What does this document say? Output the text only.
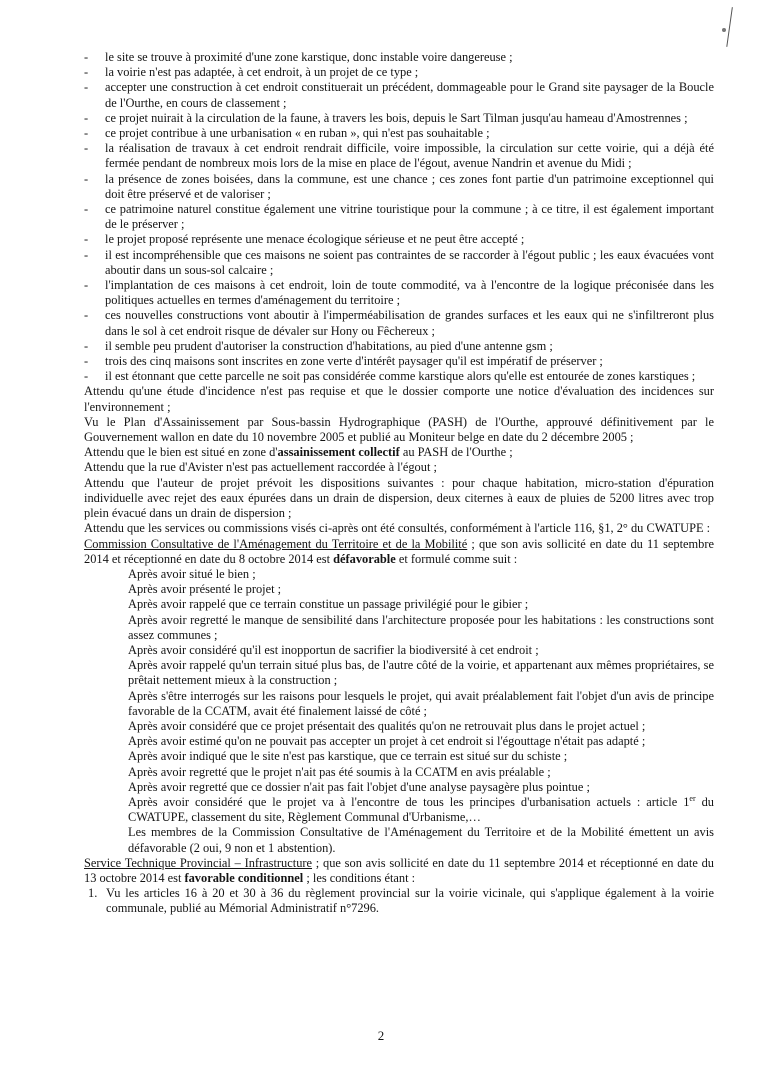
- le site se trouve à proximité d'une zone karstique, donc instable voire dangereuse ;
- la voirie n'est pas adaptée, à cet endroit, à un projet de ce type ;
- accepter une construction à cet endroit constituerait un précédent, dommageable pour le Grand site paysager de la Boucle de l'Ourthe, en cours de classement ;
- ce projet nuirait à la circulation de la faune, à travers les bois, depuis le Sart Tilman jusqu'au hameau d'Amostrennes ;
- ce projet contribue à une urbanisation « en ruban », qui n'est pas souhaitable ;
- la réalisation de travaux à cet endroit rendrait difficile, voire impossible, la circulation sur cette voirie, qui a déjà été fermée pendant de nombreux mois lors de la mise en place de l'égout, avenue Nandrin et avenue du Midi ;
- la présence de zones boisées, dans la commune, est une chance ; ces zones font partie d'un patrimoine exceptionnel qui doit être préservé et de valoriser ;
- ce patrimoine naturel constitue également une vitrine touristique pour la commune ; à ce titre, il est également important de le préserver ;
- le projet proposé représente une menace écologique sérieuse et ne peut être accepté ;
- il est incompréhensible que ces maisons ne soient pas contraintes de se raccorder à l'égout public ; les eaux évacuées vont aboutir dans un sous-sol calcaire ;
- l'implantation de ces maisons à cet endroit, loin de toute commodité, va à l'encontre de la logique préconisée dans les politiques actuelles en termes d'aménagement du territoire ;
- ces nouvelles constructions vont aboutir à l'imperméabilisation de grandes surfaces et les eaux qui ne s'infiltreront plus dans le sol à cet endroit risque de dévaler sur Hony ou Fêchereux ;
- il semble peu prudent d'autoriser la construction d'habitations, au pied d'une antenne gsm ;
- trois des cinq maisons sont inscrites en zone verte d'intérêt paysager qu'il est impératif de préserver ;
- il est étonnant que cette parcelle ne soit pas considérée comme karstique alors qu'elle est entourée de zones karstiques ;

Attendu qu'une étude d'incidence n'est pas requise et que le dossier comporte une notice d'évaluation des incidences sur l'environnement ;

Vu le Plan d'Assainissement par Sous-bassin Hydrographique (PASH) de l'Ourthe, approuvé définitivement par le Gouvernement wallon en date du 10 novembre 2005 et publié au Moniteur belge en date du 2 décembre 2005 ;

Attendu que le bien est situé en zone d'assainissement collectif au PASH de l'Ourthe ;

Attendu que la rue d'Avister n'est pas actuellement raccordée à l'égout ;

Attendu que l'auteur de projet prévoit les dispositions suivantes : pour chaque habitation, micro-station d'épuration individuelle avec rejet des eaux épurées dans un drain de dispersion, deux citernes à eaux de pluies de 5200 litres avec trop plein évacué dans un drain de dispersion ;

Attendu que les services ou commissions visés ci-après ont été consultés, conformément à l'article 116, §1, 2° du CWATUPE :

Commission Consultative de l'Aménagement du Territoire et de la Mobilité ; que son avis sollicité en date du 11 septembre 2014 et réceptionné en date du 8 octobre 2014 est défavorable et formulé comme suit :

Après avoir situé le bien ;

Après avoir présenté le projet ;

Après avoir rappelé que ce terrain constitue un passage privilégié pour le gibier ;

Après avoir regretté le manque de sensibilité dans l'architecture proposée pour les habitations : les constructions sont assez communes ;

Après avoir considéré qu'il est inopportun de sacrifier la biodiversité à cet endroit ;

Après avoir rappelé qu'un terrain situé plus bas, de l'autre côté de la voirie, et appartenant aux mêmes propriétaires, se prêtait nettement mieux à la construction ;

Après s'être interrogés sur les raisons pour lesquels le projet, qui avait préalablement fait l'objet d'un avis de principe favorable de la CCATM, avait été finalement laissé de côté ;

Après avoir considéré que ce projet présentait des qualités qu'on ne retrouvait plus dans le projet actuel ;

Après avoir estimé qu'on ne pouvait pas accepter un projet à cet endroit si l'égouttage n'était pas adapté ;

Après avoir indiqué que le site n'est pas karstique, que ce terrain est situé sur du schiste ;

Après avoir regretté que le projet n'ait pas été soumis à la CCATM en avis préalable ;

Après avoir regretté que ce dossier n'ait pas fait l'objet d'une analyse paysagère plus pointue ;

Après avoir considéré que le projet va à l'encontre de tous les principes d'urbanisation actuels : article 1er du CWATUPE, classement du site, Règlement Communal d'Urbanisme,…

Les membres de la Commission Consultative de l'Aménagement du Territoire et de la Mobilité émettent un avis défavorable (2 oui, 9 non et 1 abstention).

Service Technique Provincial – Infrastructure ; que son avis sollicité en date du 11 septembre 2014 et réceptionné en date du 13 octobre 2014 est favorable conditionnel ; les conditions étant :

1. Vu les articles 16 à 20 et 30 à 36 du règlement provincial sur la voirie vicinale, qui s'applique également à la voirie communale, publié au Mémorial Administratif n°7296.
2
